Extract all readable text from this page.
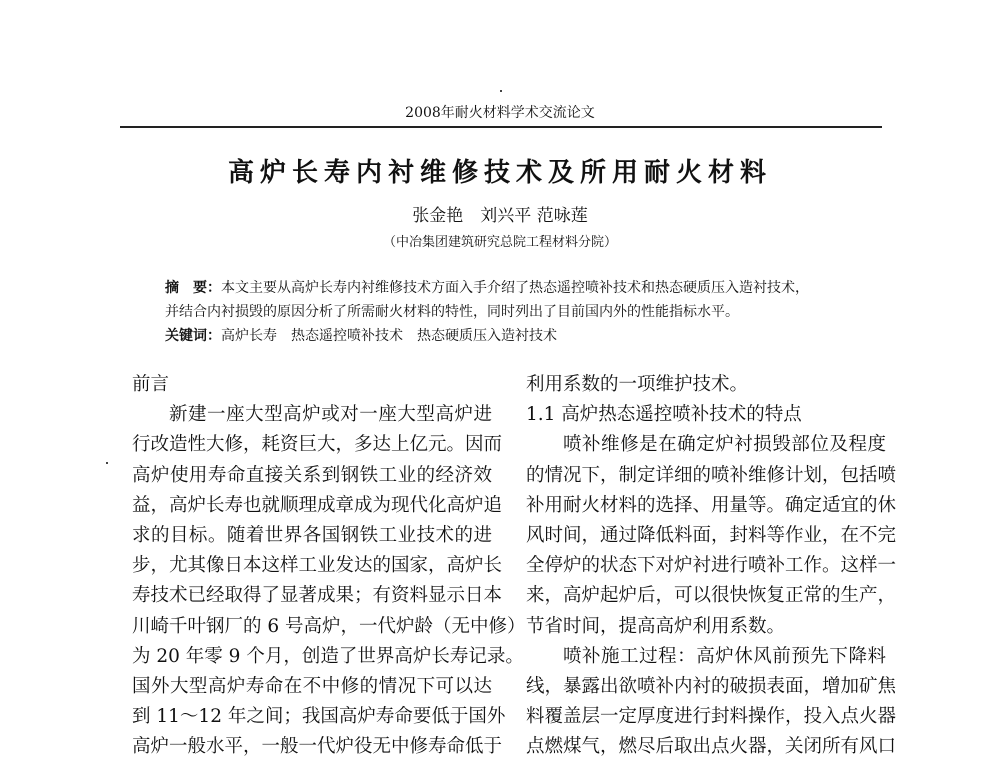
2008年耐火材料学术交流论文
高炉长寿内衬维修技术及所用耐火材料
张金艳　刘兴平 范咏莲
（中冶集团建筑研究总院工程材料分院）
摘　要：本文主要从高炉长寿内衬维修技术方面入手介绍了热态遥控喷补技术和热态硬质压入造衬技术，
并结合内衬损毁的原因分析了所需耐火材料的特性，同时列出了目前国内外的性能指标水平。
关键词：高炉长寿　热态遥控喷补技术　热态硬质压入造衬技术
前言
新建一座大型高炉或对一座大型高炉进
行改造性大修，耗资巨大，多达上亿元。因而
高炉使用寿命直接关系到钢铁工业的经济效
益，高炉长寿也就顺理成章成为现代化高炉追
求的目标。随着世界各国钢铁工业技术的进
步，尤其像日本这样工业发达的国家，高炉长
寿技术已经取得了显著成果；有资料显示日本
川崎千叶钢厂的 6 号高炉，一代炉龄（无中修）
为 20 年零 9 个月，创造了世界高炉长寿记录。
国外大型高炉寿命在不中修的情况下可以达
到 11～12 年之间；我国高炉寿命要低于国外
高炉一般水平，一般一代炉役无中修寿命低于
利用系数的一项维护技术。
1.1 高炉热态遥控喷补技术的特点
喷补维修是在确定炉衬损毁部位及程度
的情况下，制定详细的喷补维修计划，包括喷
补用耐火材料的选择、用量等。确定适宜的休
风时间，通过降低料面，封料等作业，在不完
全停炉的状态下对炉衬进行喷补工作。这样一
来，高炉起炉后，可以很快恢复正常的生产，
节省时间，提高高炉利用系数。
喷补施工过程：高炉休风前预先下降料
线，暴露出欲喷补内衬的破损表面，增加矿焦
料覆盖层一定厚度进行封料操作，投入点火器
点燃煤气，燃尽后取出点火器，关闭所有风口
